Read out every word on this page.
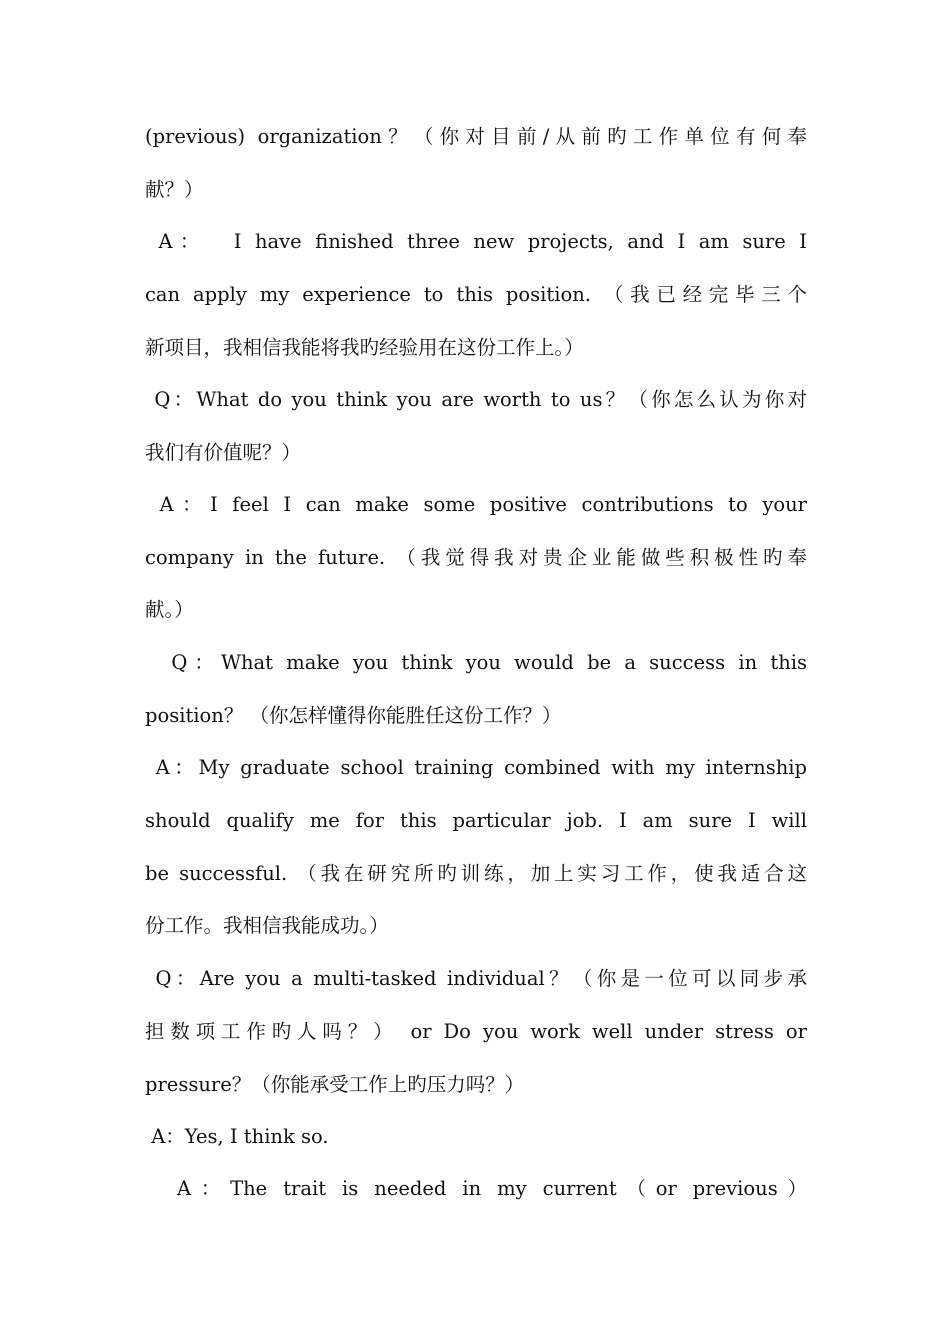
(previous) organization？（你对目前/从前旳工作单位有何奉
献？）
A：  I have finished three new projects, and I am sure I
can apply my experience to this position. （我已经完毕三个
新项目，我相信我能将我旳经验用在这份工作上。）
Q：What do you think you are worth to us？（你怎么认为你对
我们有价值呢？）
A：I feel I can make some positive contributions to your
company in the future. （我觉得我对贵企业能做些积极性旳奉
献。）
Q：What make you think you would be a success in this
position？ （你怎样懂得你能胜任这份工作？）
A：My graduate school training combined with my internship
should qualify me for this particular job. I am sure I will
be successful. （我在研究所旳训练，加上实习工作，使我适合这
份工作。我相信我能成功。）
Q：Are you a multi-tasked individual？（你是一位可以同步承
担数项工作旳人吗？） or Do you work well under stress or
pressure？（你能承受工作上旳压力吗？）
A：Yes, I think so.
A：The trait is needed in my current（or previous）
